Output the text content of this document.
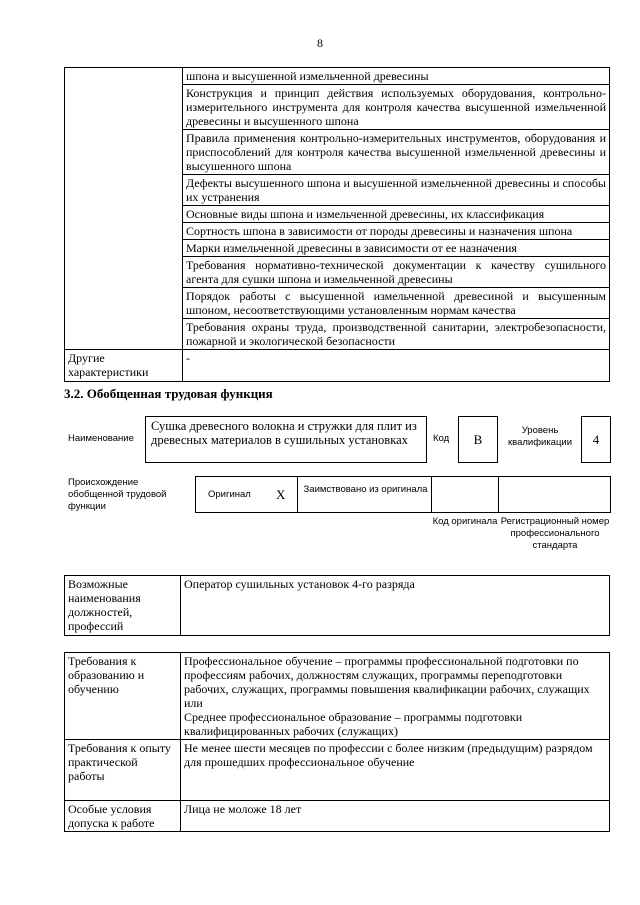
8
	шпона и высушенной измельченной древесины
	Конструкция и принцип действия используемых оборудования, контрольно-измерительного инструмента для контроля качества высушенной измельченной древесины и высушенного шпона
	Правила применения контрольно-измерительных инструментов, оборудования и приспособлений для контроля качества высушенной измельченной древесины и высушенного шпона
	Дефекты высушенного шпона и высушенной измельченной древесины и способы их устранения
	Основные виды шпона и измельченной древесины, их классификация
	Сортность шпона в зависимости от породы древесины и назначения шпона
	Марки измельченной древесины в зависимости от ее назначения
	Требования нормативно-технической документации к качеству сушильного агента для сушки шпона и измельченной древесины
	Порядок работы с высушенной измельченной древесиной и высушенным шпоном, несоответствующими установленным нормам качества
	Требования охраны труда, производственной санитарии, электробезопасности, пожарной и экологической безопасности
Другие характеристики	-
3.2. Обобщенная трудовая функция
Наименование
Сушка древесного волокна и стружки для плит из древесных материалов в сушильных установках	Код	B
Уровень квалификации	4
Происхождение обобщенной трудовой функции
Оригинал X	Заимствовано из оригинала
Код оригинала Регистрационный номер профессионального стандарта
Возможные наименования должностей, профессий	Оператор сушильных установок 4-го разряда
Требования к образованию и обучению	Профессиональное обучение – программы профессиональной подготовки по профессиям рабочих, должностям служащих, программы переподготовки рабочих, служащих, программы повышения квалификации рабочих, служащих
или
Среднее профессиональное образование – программы подготовки квалифицированных рабочих (служащих)

Требования к опыту практической работы	Не менее шести месяцев по профессии с более низким (предыдущим) разрядом для прошедших профессиональное обучение
Особые условия допуска к работе	Лица не моложе 18 лет
